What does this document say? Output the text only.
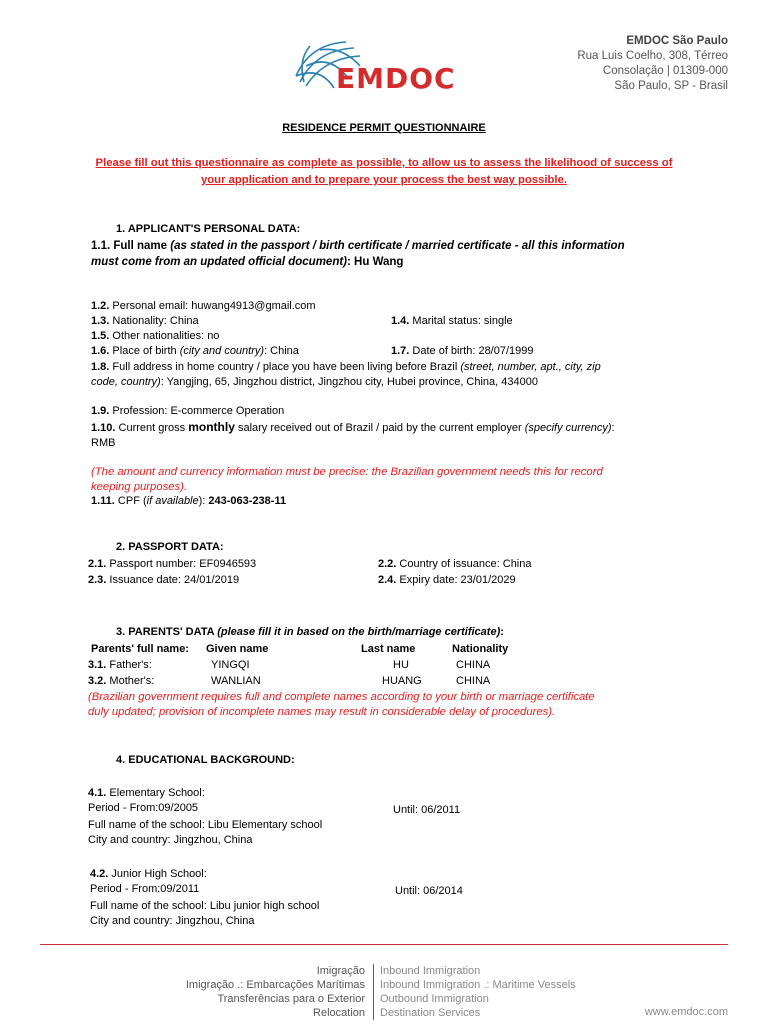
EMDOC
EMDOC São Paulo
Rua Luis Coelho, 308, Térreo
Consolação | 01309-000
São Paulo, SP - Brasil
RESIDENCE PERMIT QUESTIONNAIRE
Please fill out this questionnaire as complete as possible, to allow us to assess the likelihood of success of
your application and to prepare your process the best way possible.
1. APPLICANT'S PERSONAL DATA:
1.1. Full name (as stated in the passport / birth certificate / married certificate - all this information
must come from an updated official document): Hu Wang
1.2. Personal email: huwang4913@gmail.com
1.3. Nationality: China	1.4. Marital status: single
1.5. Other nationalities: no
1.6. Place of birth (city and country): China	1.7. Date of birth: 28/07/1999
1.8. Full address in home country / place you have been living before Brazil (street, number, apt., city, zip
code, country): Yangjing, 65, Jingzhou district, Jingzhou city, Hubei province, China, 434000
1.9. Profession: E-commerce Operation
1.10. Current gross monthly salary received out of Brazil / paid by the current employer (specify currency):
RMB
(The amount and currency information must be precise: the Brazilian government needs this for record
keeping purposes).
1.11. CPF (if available): 243-063-238-11
2. PASSPORT DATA:
2.1. Passport number: EF0946593	2.2. Country of issuance: China
2.3. Issuance date: 24/01/2019	2.4. Expiry date: 23/01/2029
3. PARENTS' DATA (please fill it in based on the birth/marriage certificate):
Parents' full name: Given name	Last name	Nationality
3.1. Father's:	YINGQI	HU	CHINA
3.2. Mother's:	WANLIAN	HUANG	CHINA
(Brazilian government requires full and complete names according to your birth or marriage certificate
duly updated; provision of incomplete names may result in considerable delay of procedures).
4. EDUCATIONAL BACKGROUND:
4.1. Elementary School:
Period - From:09/2005	Until: 06/2011
Full name of the school: Libu Elementary school
City and country: Jingzhou, China
4.2. Junior High School:
Period - From:09/2011	Until: 06/2014
Full name of the school: Libu junior high school
City and country: Jingzhou, China
Imigração
Imigração .: Embarcações Marítimas
Transferências para o Exterior
Relocation
Inbound Immigration
Inbound Immigration .: Maritime Vessels
Outbound Immigration
Destination Services	www.emdoc.com
